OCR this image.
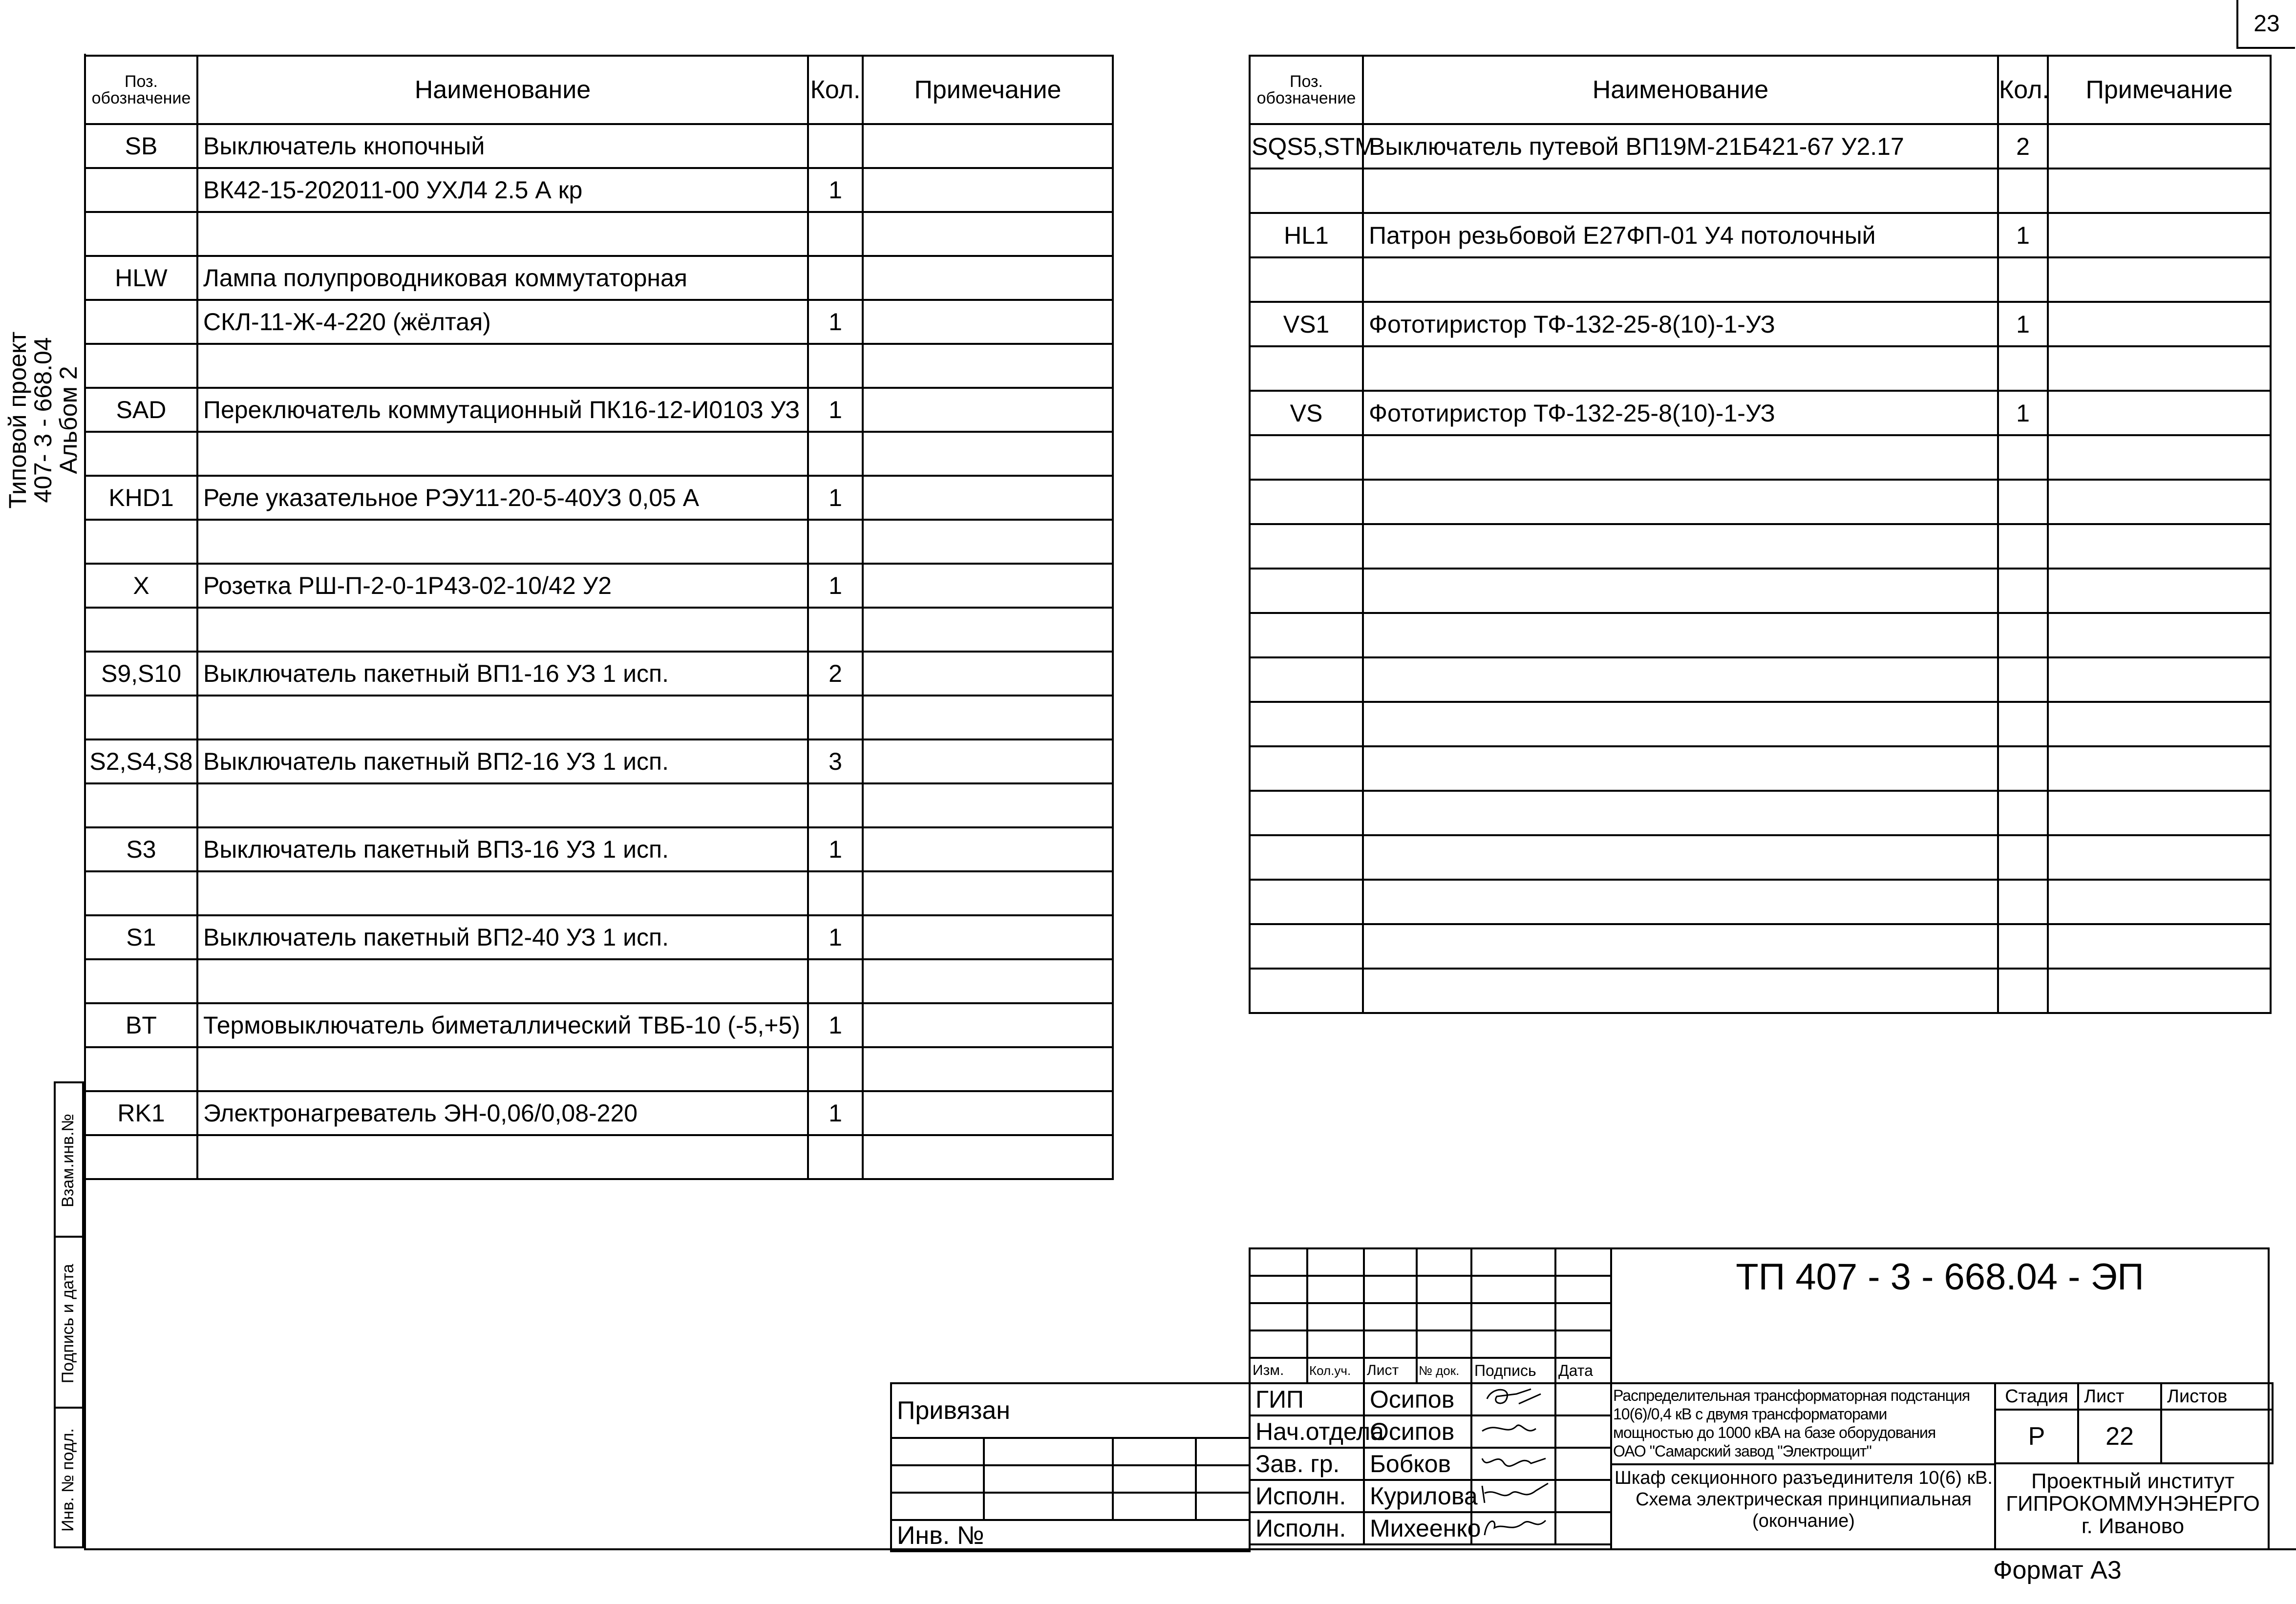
23
Типовой проект
407- 3 - 668.04
Альбом 2
Взам.инв.№
Подпись и дата
Инв. № подл.
Поз.
обозначение	Наименование	Кол.	Примечание
SB	Выключатель кнопочный		
	ВК42-15-202011-00 УХЛ4 2.5 А кр	1	

HLW	Лампа полупроводниковая коммутаторная		
	СКЛ-11-Ж-4-220 (жёлтая)	1	

SAD	Переключатель коммутационный ПК16-12-И0103 УЗ	1	

KHD1	Реле указательное РЭУ11-20-5-40УЗ 0,05 А	1	

X	Розетка РШ-П-2-0-1Р43-02-10/42 У2	1	

S9,S10	Выключатель пакетный ВП1-16 УЗ 1 исп.	2	

S2,S4,S8	Выключатель пакетный ВП2-16 УЗ 1 исп.	3	

S3	Выключатель пакетный ВП3-16 УЗ 1 исп.	1	

S1	Выключатель пакетный ВП2-40 УЗ 1 исп.	1	

BT	Термовыключатель биметаллический ТВБ-10 (-5,+5)	1	

RK1	Электронагреватель ЭН-0,06/0,08-220	1	

Поз.
обозначение	Наименование	Кол.	Примечание
SQS5,STM	Выключатель путевой ВП19М-21Б421-67 У2.17	2	

HL1	Патрон резьбовой Е27ФП-01 У4 потолочный	1	

VS1	Фототиристор ТФ-132-25-8(10)-1-УЗ	1	

VS	Фототиристор ТФ-132-25-8(10)-1-УЗ	1	

Привязан			

Инв. №			

Изм.	Кол.уч.	Лист	№ док.	Подпись	Дата
ГИП		Осипов		
Нач.отдела		Осипов		
Зав. гр.		Бобков		
Исполн.		Курилова		
Исполн.		Михеенко		
ТП 407 - 3 - 668.04 - ЭП
Распределительная трансформаторная подстанция
10(6)/0,4 кВ с двумя трансформаторами
мощностью до 1000 кВА на базе оборудования
ОАО "Самарский завод "Электрощит"
Шкаф секционного разъединителя 10(6) кВ.
Схема электрическая принципиальная
(окончание)
Стадия	Лист	Листов
Р	22	
Проектный институт
ГИПРОКОММУНЭНЕРГО
г. Иваново
Формат А3
